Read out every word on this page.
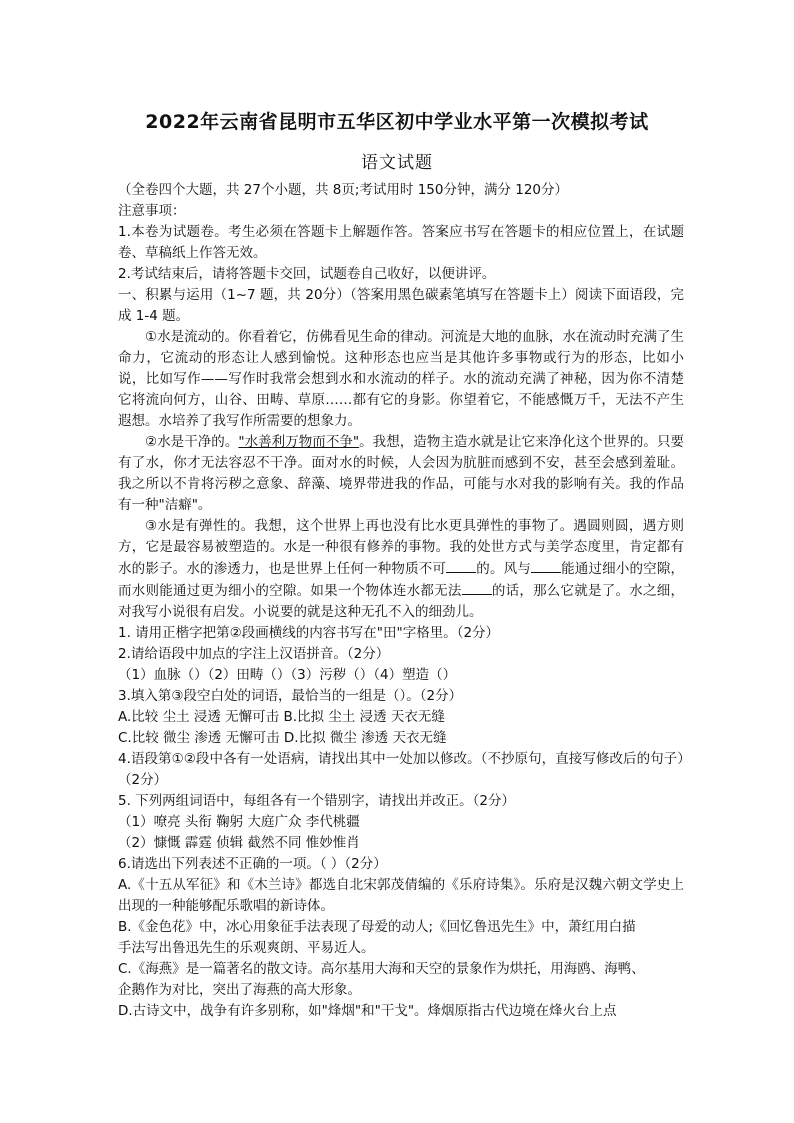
2022年云南省昆明市五华区初中学业水平第一次模拟考试
语文试题

（全卷四个大题，共 27个小题，共 8页;考试用时 150分钟，满分 120分）

注意事项：

1.本卷为试题卷。考生必须在答题卡上解题作答。答案应书写在答题卡的相应位置上，在试题卷、草稿纸上作答无效。

2.考试结束后，请将答题卡交回，试题卷自己收好，以便讲评。

一、积累与运用（1~7 题，共 20分）（答案用黑色碳素笔填写在答题卡上）阅读下面语段，完成 1-4 题。

①水是流动的。你看着它，仿佛看见生命的律动。河流是大地的血脉，水在流动时充满了生命力，它流动的形态让人感到愉悦。这种形态也应当是其他许多事物或行为的形态，比如小说，比如写作——写作时我常会想到水和水流动的样子。水的流动充满了神秘，因为你不清楚它将流向何方，山谷、田畴、草原……都有它的身影。你望着它，不能感慨万千，无法不产生遐想。水培养了我写作所需要的想象力。

②水是干净的。"水善利万物而不争"。我想，造物主造水就是让它来净化这个世界的。只要有了水，你才无法容忍不干净。面对水的时候，人会因为肮脏而感到不安，甚至会感到羞耻。我之所以不肯将污秽之意象、辞藻、境界带进我的作品，可能与水对我的影响有关。我的作品有一种"洁癖"。

③水是有弹性的。我想，这个世界上再也没有比水更具弹性的事物了。遇圆则圆，遇方则方，它是最容易被塑造的。水是一种很有修养的事物。我的处世方式与美学态度里，肯定都有水的影子。水的渗透力，也是世界上任何一种物质不可 的。风与 能通过细小的空隙，而水则能通过更为细小的空隙。如果一个物体连水都无法 的话，那么它就是了。水之细，对我写小说很有启发。小说要的就是这种无孔不入的细劲儿。

1. 请用正楷字把第②段画横线的内容书写在"田"字格里。（2分）

2.请给语段中加点的字注上汉语拼音。（2分）

（1）血脉（）（2）田畴（）（3）污秽（）（4）塑造（）

3.填入第③段空白处的词语，最恰当的一组是（）。（2分）

A.比较 尘土 浸透 无懈可击 B.比拟 尘土 浸透 天衣无缝

C.比较 微尘 渗透 无懈可击 D.比拟 微尘 渗透 天衣无缝

4.语段第①②段中各有一处语病，请找出其中一处加以修改。（不抄原句，直接写修改后的句子）（2分）

5. 下列两组词语中，每组各有一个错别字，请找出并改正。（2分）

（1）嘹亮 头衔 鞠躬 大庭广众 李代桃疆

（2）慷慨 霹霆 侦辑 截然不同 惟妙惟肖

6.请选出下列表述不正确的一项。（ ）（2分）

A.《十五从军征》和《木兰诗》都选自北宋郭茂倩编的《乐府诗集》。乐府是汉魏六朝文学史上出现的一种能够配乐歌唱的新诗体。

B.《金色花》中，冰心用象征手法表现了母爱的动人;《回忆鲁迅先生》中，萧红用白描

手法写出鲁迅先生的乐观爽朗、平易近人。

C.《海燕》是一篇著名的散文诗。高尔基用大海和天空的景象作为烘托，用海鸥、海鸭、

企鹅作为对比，突出了海燕的高大形象。

D.古诗文中，战争有许多别称，如"烽烟"和"干戈"。烽烟原指古代边境在烽火台上点
